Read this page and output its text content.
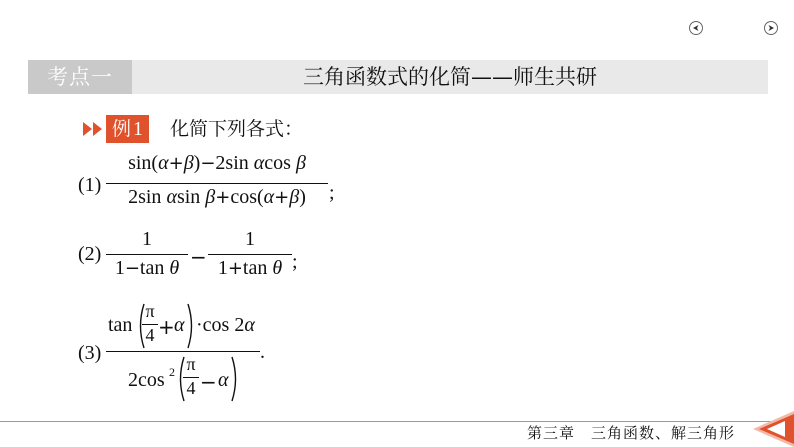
考点一	三角函数式的化简——师生共研
例 1	化简下列各式：
(1)
sin(α+β)−2sin αcos β
2sin αsin β+cos(α+β)	;
(2)
1
1−tan θ −
1
1+tan θ ;
(3)
tan
π
4 + α ·cos 2α
2cos 2 π
4 − α
.
第三章　三角函数、解三角形
